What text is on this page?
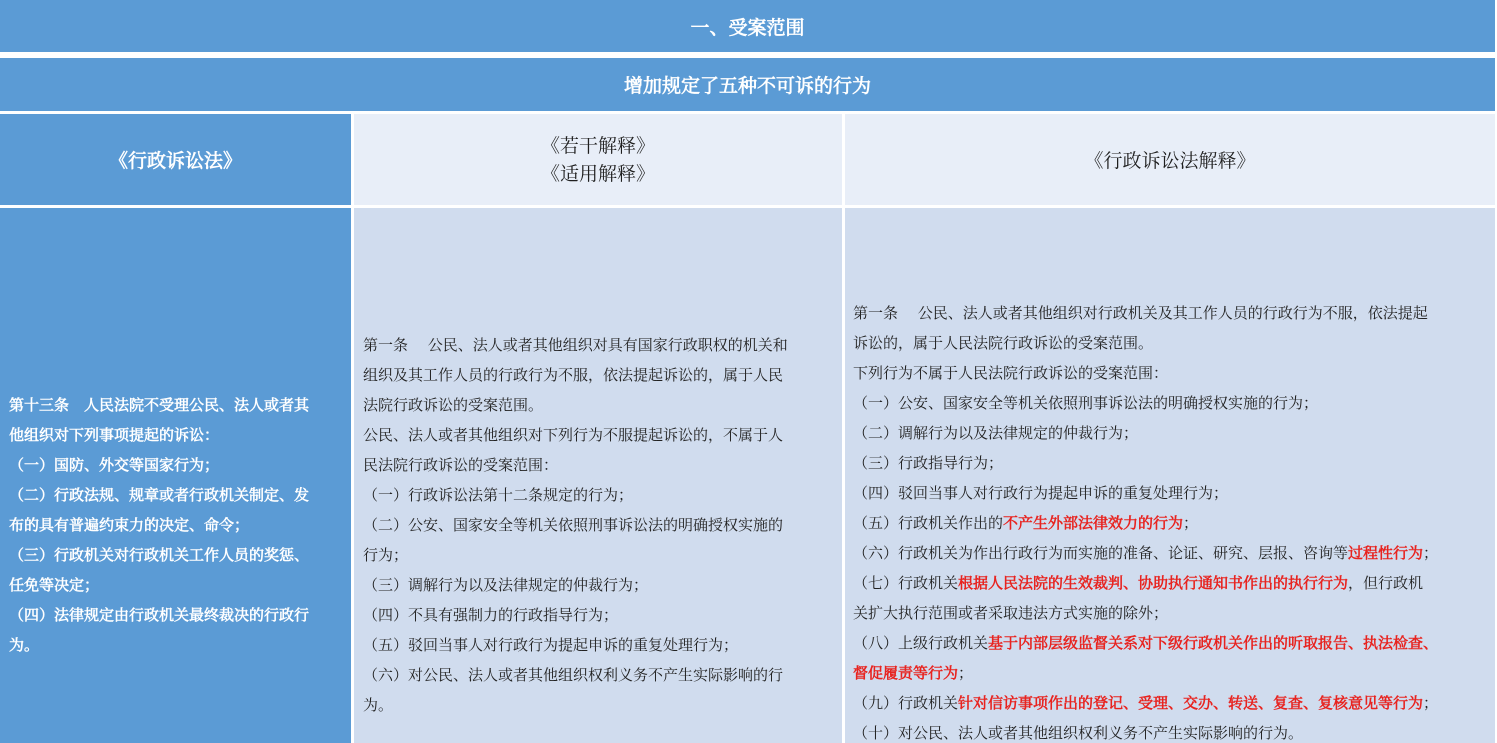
一、受案范围
增加规定了五种不可诉的行为
《行政诉讼法》
《若干解释》
《适用解释》
《行政诉讼法解释》

第十三条　人民法院不受理公民、法人或者其

他组织对下列事项提起的诉讼：

（一）国防、外交等国家行为；

（二）行政法规、规章或者行政机关制定、发

布的具有普遍约束力的决定、命令；

（三）行政机关对行政机关工作人员的奖惩、

任免等决定；

（四）法律规定由行政机关最终裁决的行政行

为。

第一条　 公民、法人或者其他组织对具有国家行政职权的机关和

组织及其工作人员的行政行为不服，依法提起诉讼的，属于人民

法院行政诉讼的受案范围。

公民、法人或者其他组织对下列行为不服提起诉讼的，不属于人

民法院行政诉讼的受案范围：

（一）行政诉讼法第十二条规定的行为；

（二）公安、国家安全等机关依照刑事诉讼法的明确授权实施的

行为；

（三）调解行为以及法律规定的仲裁行为；

（四）不具有强制力的行政指导行为；

（五）驳回当事人对行政行为提起申诉的重复处理行为；

（六）对公民、法人或者其他组织权利义务不产生实际影响的行

为。

第一条　 公民、法人或者其他组织对行政机关及其工作人员的行政行为不服，依法提起

诉讼的，属于人民法院行政诉讼的受案范围。

下列行为不属于人民法院行政诉讼的受案范围：

（一）公安、国家安全等机关依照刑事诉讼法的明确授权实施的行为；

（二）调解行为以及法律规定的仲裁行为；

（三）行政指导行为；

（四）驳回当事人对行政行为提起申诉的重复处理行为；

（五）行政机关作出的不产生外部法律效力的行为；

（六）行政机关为作出行政行为而实施的准备、论证、研究、层报、咨询等过程性行为；

（七）行政机关根据人民法院的生效裁判、协助执行通知书作出的执行行为，但行政机

关扩大执行范围或者采取违法方式实施的除外；

（八）上级行政机关基于内部层级监督关系对下级行政机关作出的听取报告、执法检查、

督促履责等行为；

（九）行政机关针对信访事项作出的登记、受理、交办、转送、复查、复核意见等行为；

（十）对公民、法人或者其他组织权利义务不产生实际影响的行为。
